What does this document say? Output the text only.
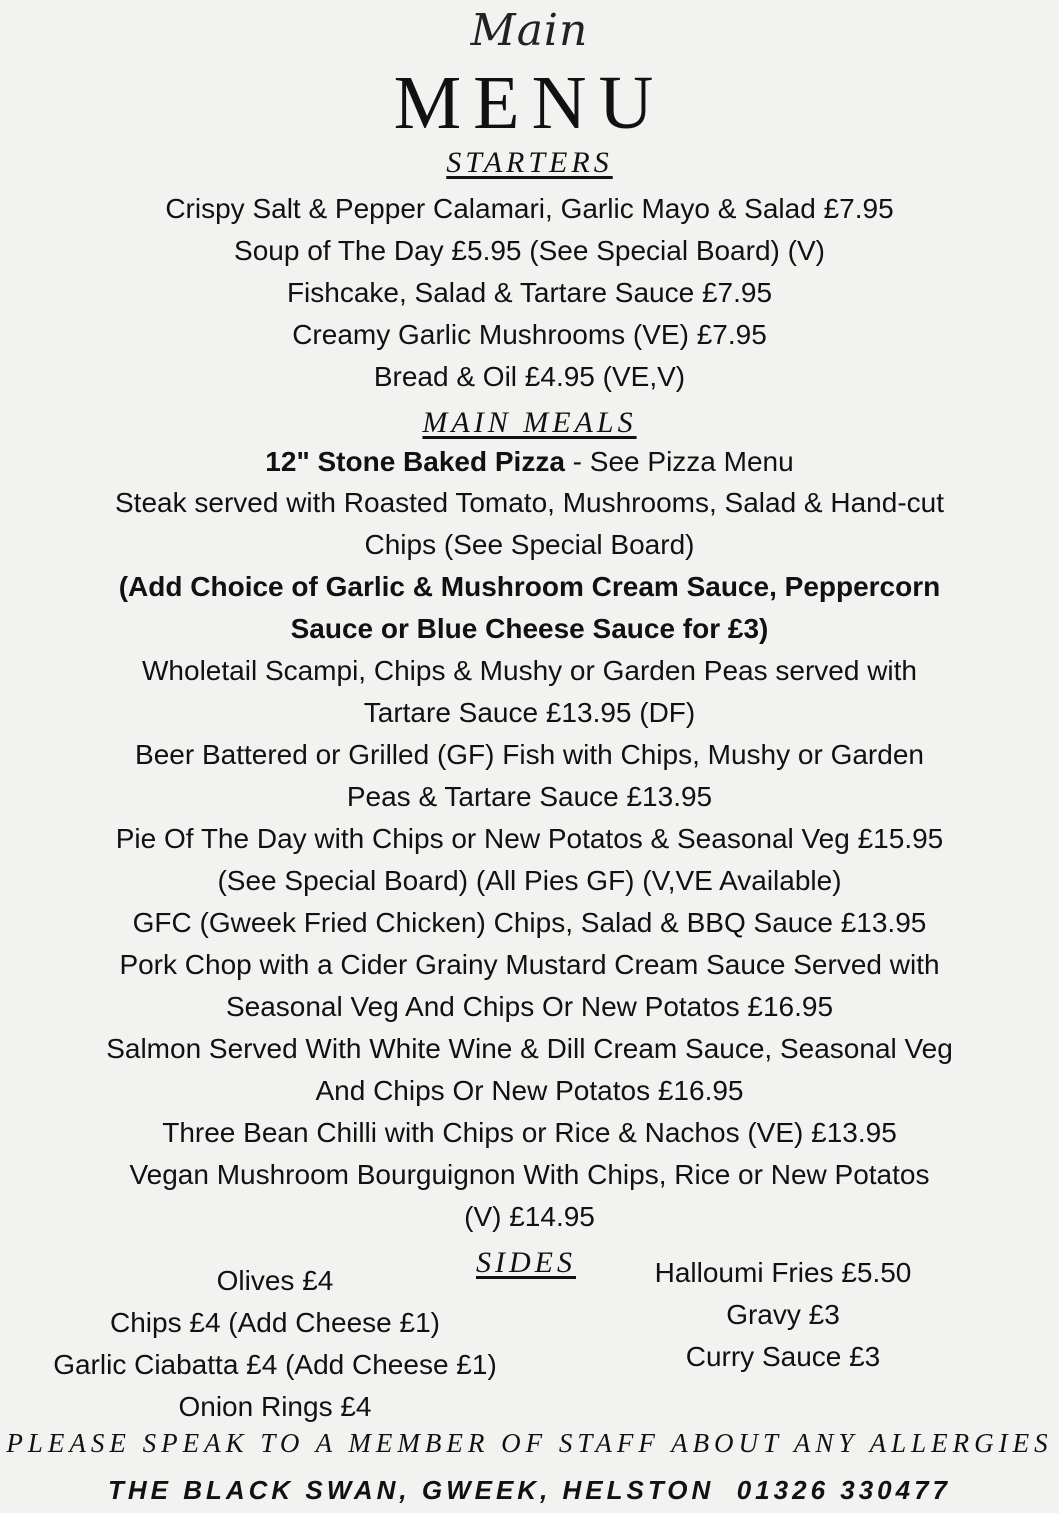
Main
MENU
STARTERS
Crispy Salt & Pepper Calamari, Garlic Mayo & Salad £7.95
Soup of The Day £5.95 (See Special Board) (V)
Fishcake, Salad & Tartare Sauce £7.95
Creamy Garlic Mushrooms (VE) £7.95
Bread & Oil £4.95 (VE,V)
MAIN MEALS
12" Stone Baked Pizza - See Pizza Menu
Steak served with Roasted Tomato, Mushrooms, Salad & Hand-cut
Chips (See Special Board)
(Add Choice of Garlic & Mushroom Cream Sauce, Peppercorn
Sauce or Blue Cheese Sauce for £3)
Wholetail Scampi, Chips & Mushy or Garden Peas served with
Tartare Sauce £13.95 (DF)
Beer Battered or Grilled (GF) Fish with Chips, Mushy or Garden
Peas & Tartare Sauce £13.95
Pie Of The Day with Chips or New Potatos & Seasonal Veg £15.95
(See Special Board) (All Pies GF) (V,VE Available)
GFC (Gweek Fried Chicken) Chips, Salad & BBQ Sauce £13.95
Pork Chop with a Cider Grainy Mustard Cream Sauce Served with
Seasonal Veg And Chips Or New Potatos £16.95
Salmon Served With White Wine & Dill Cream Sauce, Seasonal Veg
And Chips Or New Potatos £16.95
Three Bean Chilli with Chips or Rice & Nachos (VE) £13.95
Vegan Mushroom Bourguignon With Chips, Rice or New Potatos
(V) £14.95
SIDES
Olives £4
Chips £4 (Add Cheese £1)
Garlic Ciabatta £4 (Add Cheese £1)
Onion Rings £4
Halloumi Fries £5.50
Gravy £3
Curry Sauce £3
PLEASE SPEAK TO A MEMBER OF STAFF ABOUT ANY ALLERGIES
THE BLACK SWAN, GWEEK, HELSTON  01326 330477
